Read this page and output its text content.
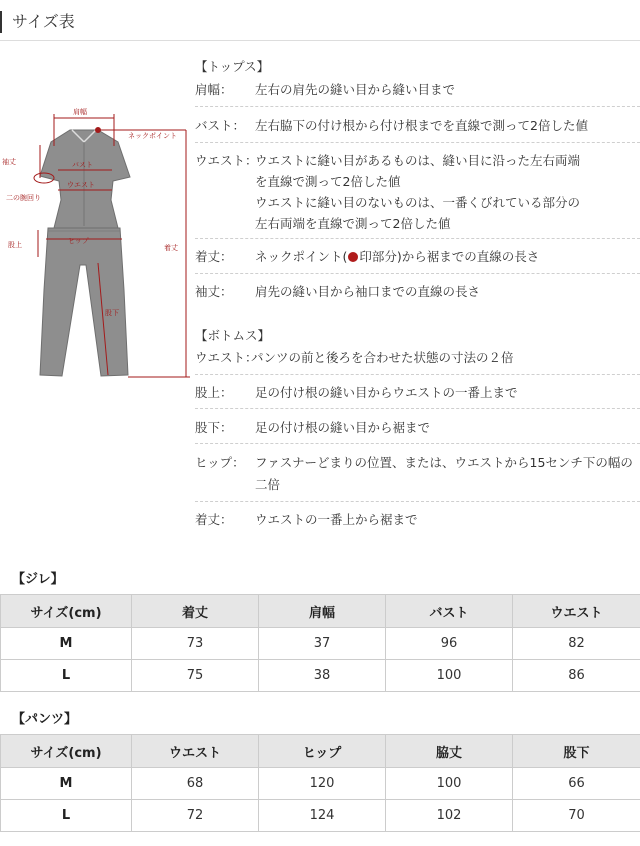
サイズ表
肩幅
ネックポイント
袖丈	バスト
ウエスト
二の腕回り
股上	ヒップ
着丈
股下
【トップス】
肩幅： 左右の肩先の縫い目から縫い目まで
バスト： 左右脇下の付け根から付け根までを直線で測って2倍した値
ウエスト：
ウエストに縫い目があるものは、縫い目に沿った左右両端
を直線で測って2倍した値
ウエストに縫い目のないものは、一番くびれている部分の
左右両端を直線で測って2倍した値
着丈： ネックポイント( 印部分)から裾までの直線の長さ
袖丈： 肩先の縫い目から袖口までの直線の長さ
【ボトムス】
ウエスト：
パンツの前と後ろを合わせた状態の寸法の２倍
股上： 足の付け根の縫い目からウエストの一番上まで
股下： 足の付け根の縫い目から裾まで
ヒップ： ファスナーどまりの位置、または、ウエストから15センチ下の幅の
二倍
着丈： ウエストの一番上から裾まで
【ジレ】
サイズ(cm)	着丈	肩幅	バスト	ウエスト
M	73	37	96	82
L	75	38	100	86
【パンツ】
サイズ(cm)	ウエスト	ヒップ	脇丈	股下
M	68	120	100	66
L	72	124	102	70
